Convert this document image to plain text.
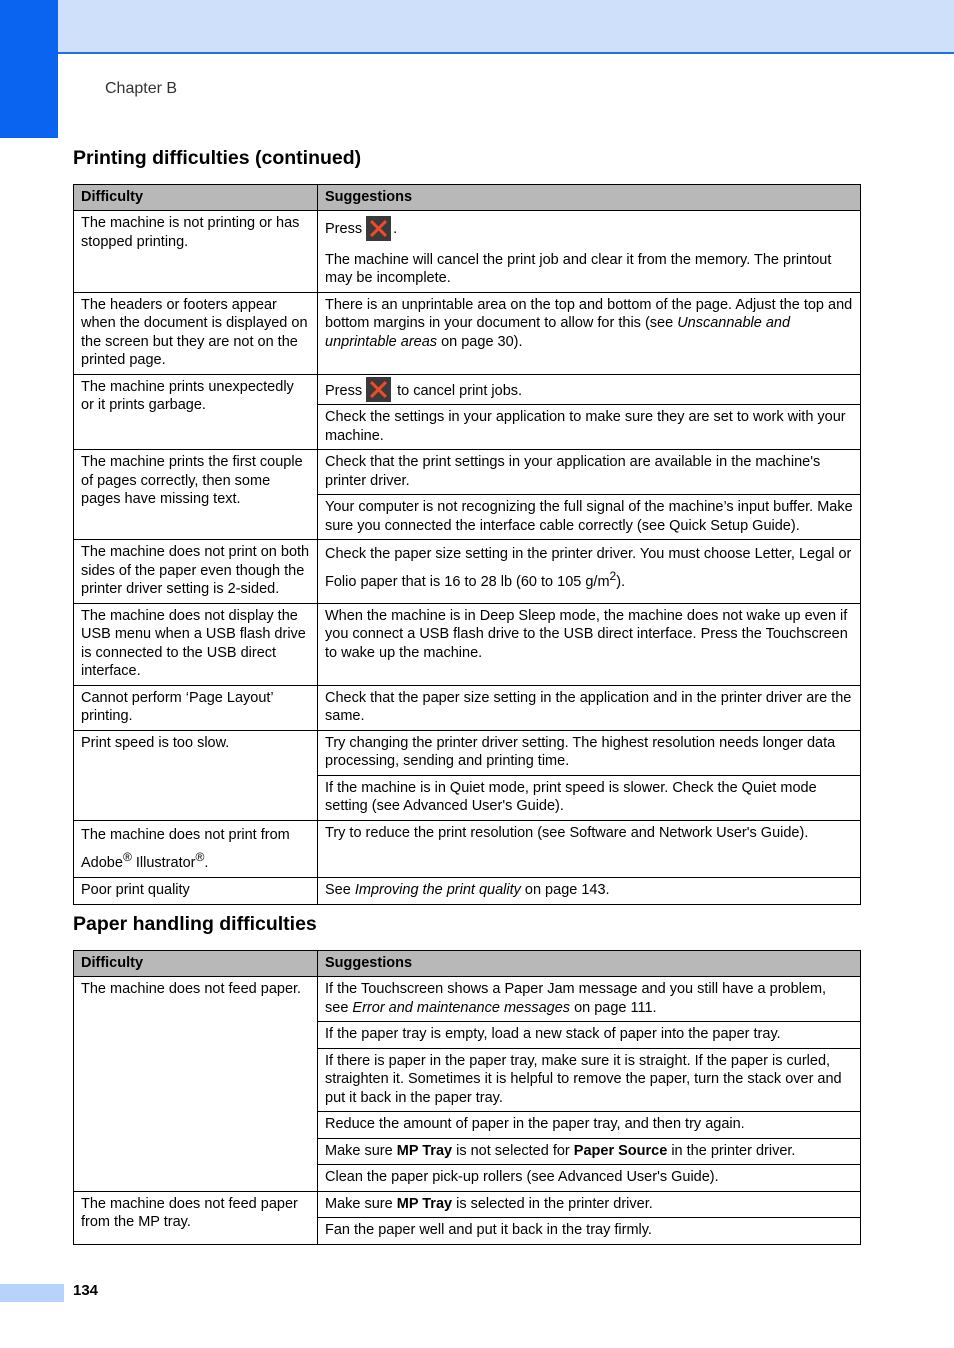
Chapter B
Printing difficulties (continued)
Difficulty	Suggestions
The machine is not printing or has stopped printing.	Press .

The machine will cancel the print job and clear it from the memory. The printout may be incomplete.

The headers or footers appear when the document is displayed on the screen but they are not on the printed page.	There is an unprintable area on the top and bottom of the page. Adjust the top and bottom margins in your document to allow for this (see Unscannable and unprintable areas on page 30).
The machine prints unexpectedly or it prints garbage.	Press to cancel print jobs.
	Check the settings in your application to make sure they are set to work with your machine.
The machine prints the first couple of pages correctly, then some pages have missing text.	Check that the print settings in your application are available in the machine's printer driver.
	Your computer is not recognizing the full signal of the machine’s input buffer. Make sure you connected the interface cable correctly (see Quick Setup Guide).
The machine does not print on both sides of the paper even though the printer driver setting is 2-sided.	Check the paper size setting in the printer driver. You must choose Letter, Legal or Folio paper that is 16 to 28 lb (60 to 105 $g/m^2$).
The machine does not display the USB menu when a USB flash drive is connected to the USB direct interface.	When the machine is in Deep Sleep mode, the machine does not wake up even if you connect a USB flash drive to the USB direct interface. Press the Touchscreen to wake up the machine.
Cannot perform ‘Page Layout’ printing.	Check that the paper size setting in the application and in the printer driver are the same.
Print speed is too slow.	Try changing the printer driver setting. The highest resolution needs longer data processing, sending and printing time.
	If the machine is in Quiet mode, print speed is slower. Check the Quiet mode setting (see Advanced User's Guide).
The machine does not print from Adobe® Illustrator®.	Try to reduce the print resolution (see Software and Network User's Guide).
Poor print quality	See Improving the print quality on page 143.
Paper handling difficulties
Difficulty	Suggestions
The machine does not feed paper.	If the Touchscreen shows a Paper Jam message and you still have a problem, see Error and maintenance messages on page 111.
	If the paper tray is empty, load a new stack of paper into the paper tray.
	If there is paper in the paper tray, make sure it is straight. If the paper is curled, straighten it. Sometimes it is helpful to remove the paper, turn the stack over and put it back in the paper tray.
	Reduce the amount of paper in the paper tray, and then try again.
	Make sure MP Tray is not selected for Paper Source in the printer driver.
	Clean the paper pick-up rollers (see Advanced User's Guide).
The machine does not feed paper from the MP tray.	Make sure MP Tray is selected in the printer driver.
	Fan the paper well and put it back in the tray firmly.
134
